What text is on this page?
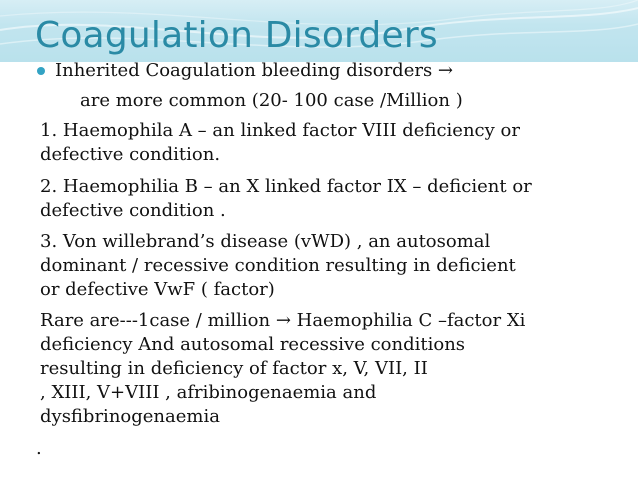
Coagulation Disorders
Inherited Coagulation bleeding disorders →
are more common (20- 100 case /Million )
1. Haemophila A – an linked factor VIII deficiency or
defective condition.
2. Haemophilia B – an X linked factor IX – deficient or
defective condition .
3. Von willebrand’s disease (vWD) , an autosomal
dominant / recessive condition resulting in deficient
or defective VwF ( factor)
Rare are---1case / million → Haemophilia C –factor Xi
deficiency And autosomal recessive conditions
resulting in deficiency of factor x, V, VII, II
, XIII, V+VIII , afribinogenaemia and
dysfibrinogenaemia
.
